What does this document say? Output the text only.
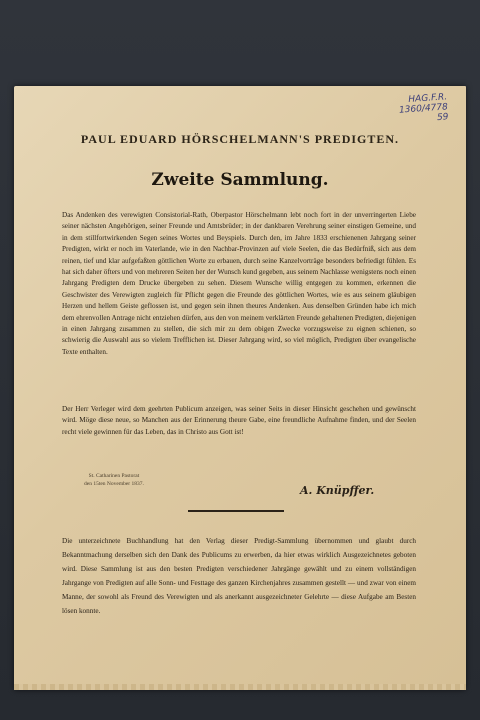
HAG.F.R.
1360/4778
59
PAUL EDUARD HÖRSCHELMANN'S PREDIGTEN.
Zweite Sammlung.
Das Andenken des verewigten Consistorial-Rath, Oberpastor Hörschelmann lebt noch fort in der unverringerten Liebe seiner nächsten Angehörigen, seiner Freunde und Amtsbrüder; in der dankbaren Verehrung seiner einstigen Gemeine, und in dem stillfortwirkenden Segen seines Wortes und Beyspiels. Durch den, im Jahre 1833 erschienenen Jahrgang seiner Predigten, wirkt er noch im Vaterlande, wie in den Nachbar-Provinzen auf viele Seelen, die das Bedürfniß, sich aus dem reinen, tief und klar aufgefaßten göttlichen Worte zu erbauen, durch seine Kanzelvorträge besonders befriedigt fühlen. Es hat sich daher öfters und von mehreren Seiten her der Wunsch kund gegeben, aus seinem Nachlasse wenigstens noch einen Jahrgang Predigten dem Drucke übergeben zu sehen. Diesem Wunsche willig entgegen zu kommen, erkennen die Geschwister des Verewigten zugleich für Pflicht gegen die Freunde des göttlichen Wortes, wie es aus seinem gläubigen Herzen und hellem Geiste geflossen ist, und gegen sein ihnen theures Andenken. Aus denselben Gründen habe ich mich dem ehrenvollen Antrage nicht entziehen dürfen, aus den von meinem verklärten Freunde gehaltenen Predigten, diejenigen in einen Jahrgang zusammen zu stellen, die sich mir zu dem obigen Zwecke vorzugsweise zu eignen schienen, so schwierig die Auswahl aus so vielem Trefflichen ist. Dieser Jahrgang wird, so viel möglich, Predigten über evangelische Texte enthalten.
Der Herr Verleger wird dem geehrten Publicum anzeigen, was seiner Seits in dieser Hinsicht geschehen und gewünscht wird. Möge diese neue, so Manchen aus der Erinnerung theure Gabe, eine freundliche Aufnahme finden, und der Seelen recht viele gewinnen für das Leben, das in Christo aus Gott ist!
St. Catharinen Pastorat
den 15ten November 1837.	A. Knüpffer.
Die unterzeichnete Buchhandlung hat den Verlag dieser Predigt-Sammlung übernommen und glaubt durch Bekanntmachung derselben sich den Dank des Publicums zu erwerben, da hier etwas wirklich Ausgezeichnetes geboten wird. Diese Sammlung ist aus den besten Predigten verschiedener Jahrgänge gewählt und zu einem vollständigen Jahrgange von Predigten auf alle Sonn- und Festtage des ganzen Kirchenjahres zusammen gestellt — und zwar von einem Manne, der sowohl als Freund des Verewigten und als anerkannt ausgezeichneter Gelehrte — diese Aufgabe am Besten lösen konnte.
